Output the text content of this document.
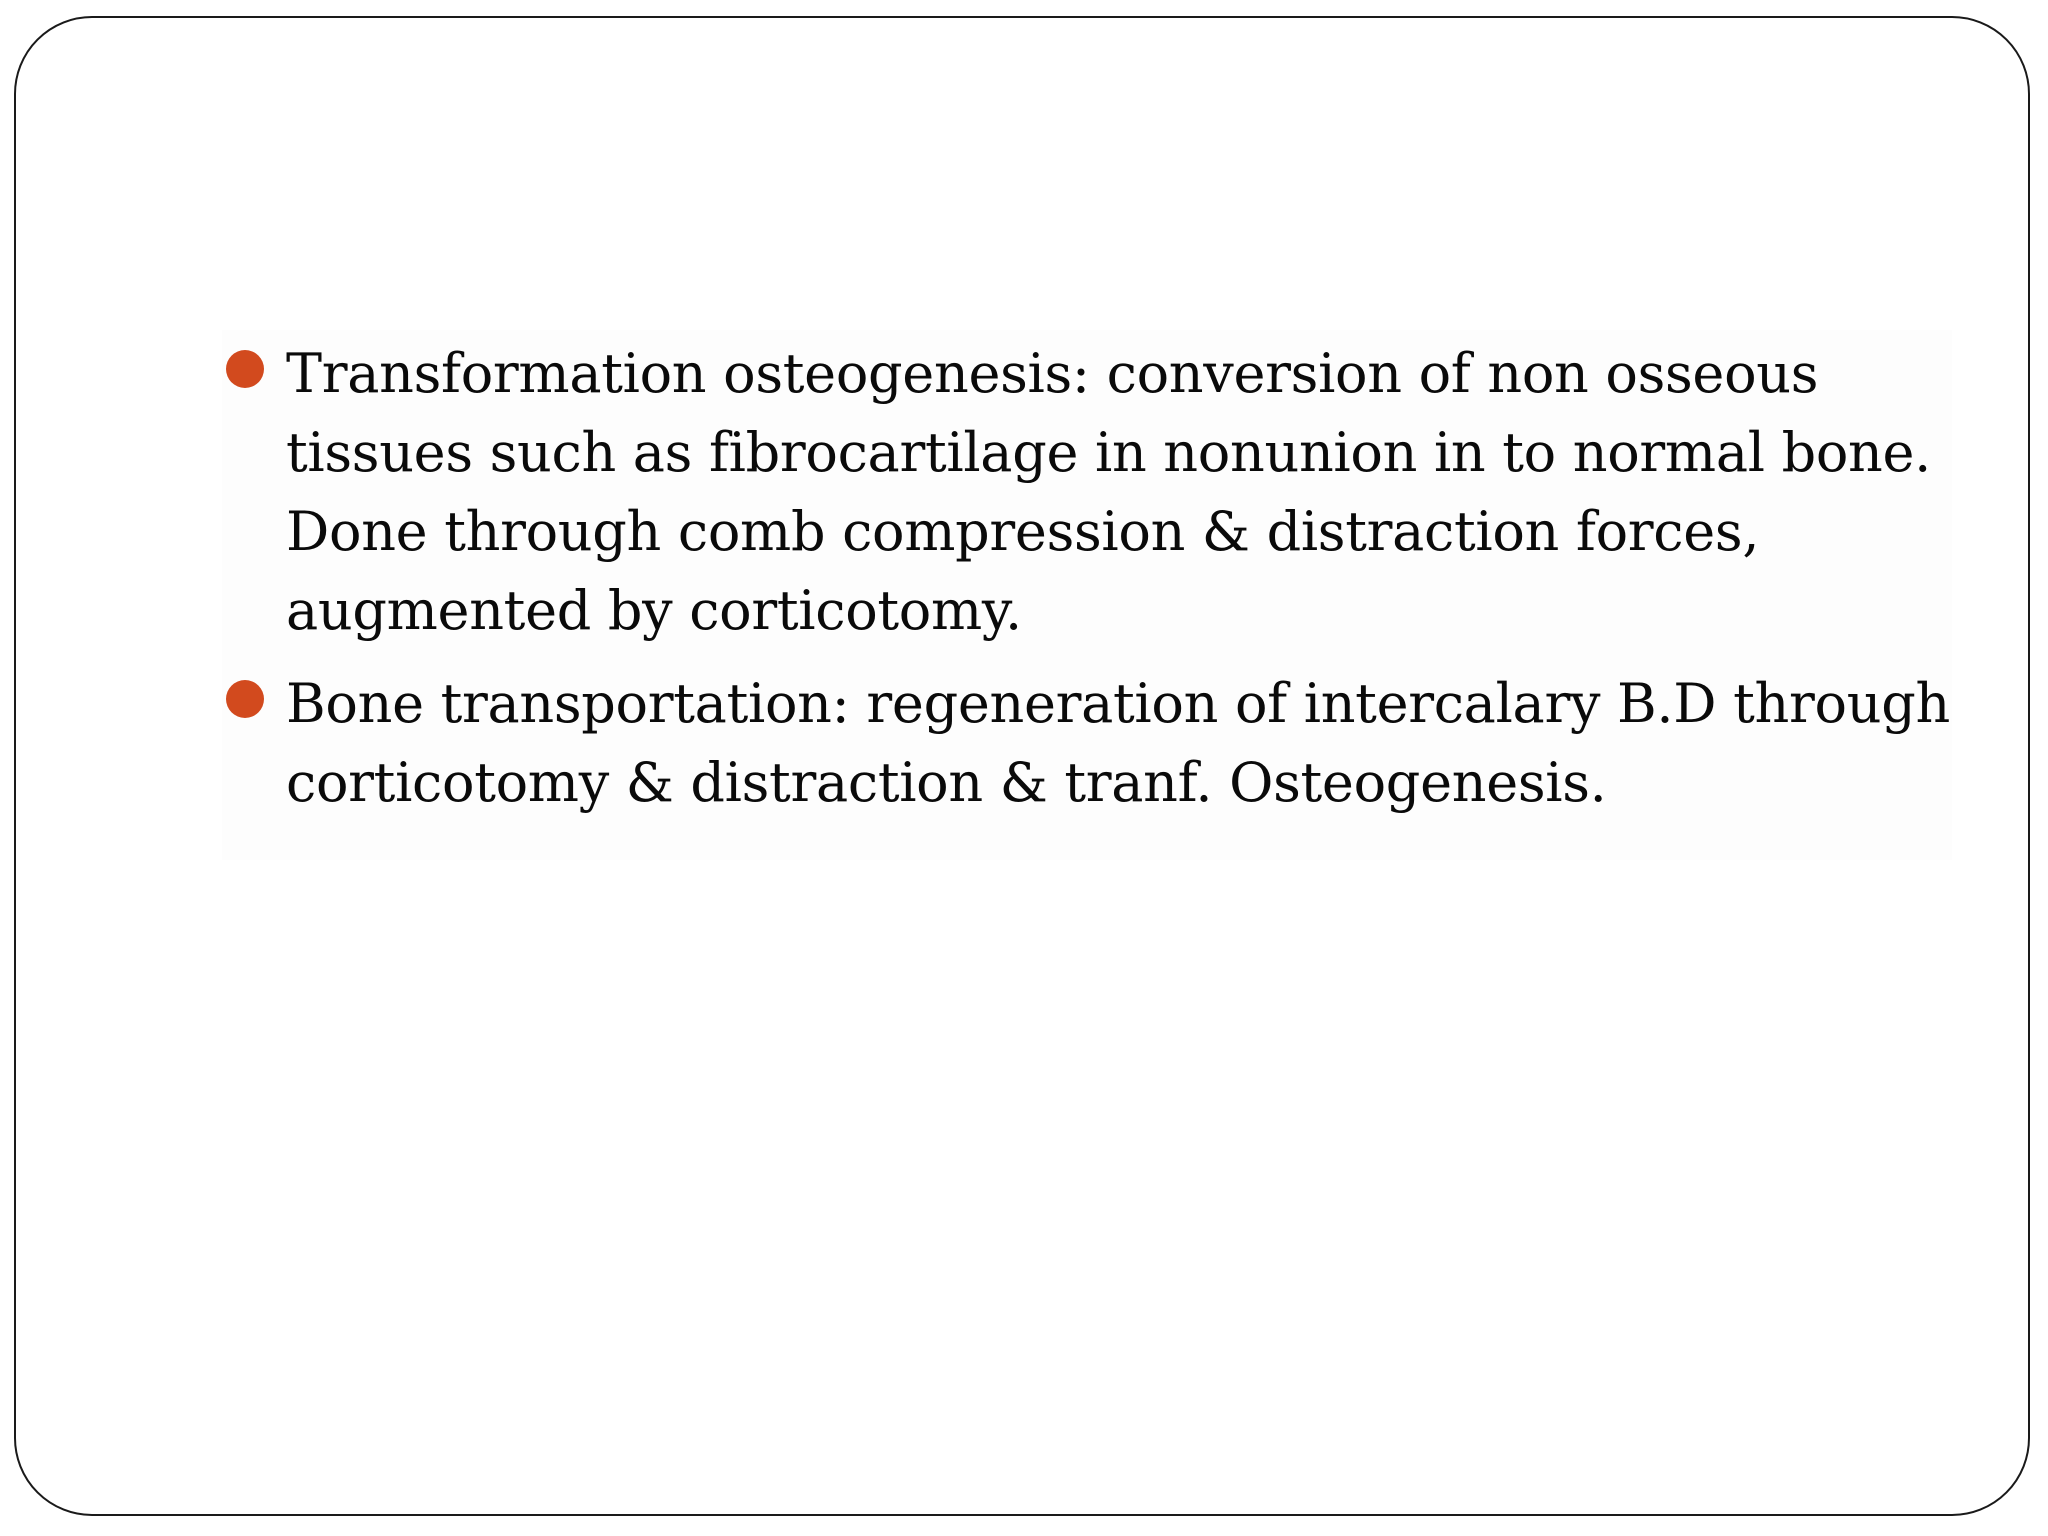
Transformation osteogenesis: conversion of non osseous tissues such as fibrocartilage in nonunion in to normal bone. Done through comb compression & distraction forces, augmented by corticotomy.
Bone transportation: regeneration of intercalary B.D through corticotomy & distraction & tranf. Osteogenesis.
